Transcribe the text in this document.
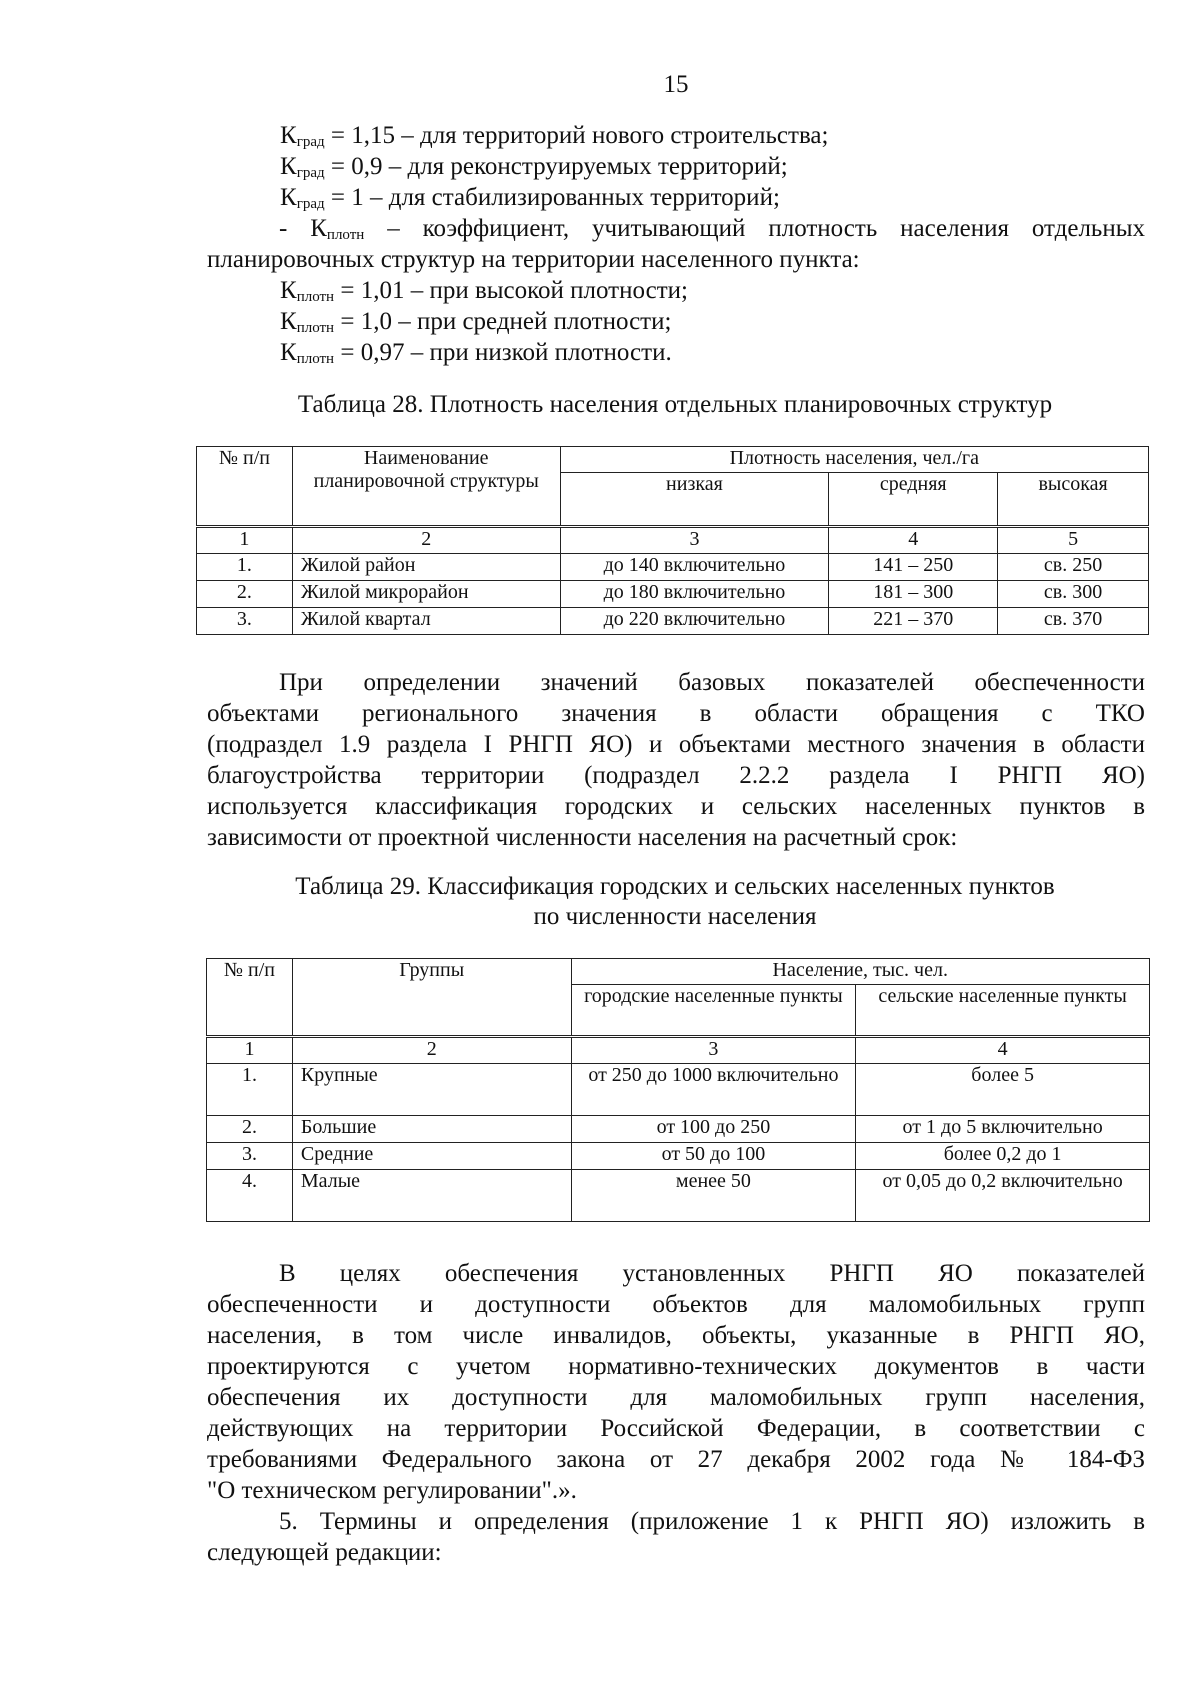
15
$К_{град} = 1,15$ – для территорий нового строительства;
$К_{град} = 0,9$ – для реконструируемых территорий;
$К_{град} = 1$ – для стабилизированных территорий;
- $К_{плотн}$ – коэффициент, учитывающий плотность населения отдельных
планировочных структур на территории населенного пункта:
$К_{плотн} = 1,01$ – при высокой плотности;
$К_{плотн} = 1,0$ – при средней плотности;
$К_{плотн} = 0,97$ – при низкой плотности.
Таблица 28. Плотность населения отдельных планировочных структур
№ п/п	Наименование планировочной структуры	Плотность населения, чел./га		
		низкая	средняя	высокая
1	2	3	4	5
1.	Жилой район	до 140 включительно	141 – 250	св. 250
2.	Жилой микрорайон	до 180 включительно	181 – 300	св. 300
3.	Жилой квартал	до 220 включительно	221 – 370	св. 370
При определении значений базовых показателей обеспеченности
объектами регионального значения в области обращения с ТКО
(подраздел 1.9 раздела I РНГП ЯО) и объектами местного значения в области
благоустройства территории (подраздел 2.2.2 раздела I РНГП ЯО)
используется классификация городских и сельских населенных пунктов в
зависимости от проектной численности населения на расчетный срок:
Таблица 29. Классификация городских и сельских населенных пунктов
по численности населения
№ п/п	Группы	Население, тыс. чел.	
		городские населенные пункты	сельские населенные пункты
1	2	3	4
1.	Крупные	от 250 до 1000 включительно	более 5
2.	Большие	от 100 до 250	от 1 до 5 включительно
3.	Средние	от 50 до 100	более 0,2 до 1
4.	Малые	менее 50	от 0,05 до 0,2 включительно
В целях обеспечения установленных РНГП ЯО показателей
обеспеченности и доступности объектов для маломобильных групп
населения, в том числе инвалидов, объекты, указанные в РНГП ЯО,
проектируются с учетом нормативно-технических документов в части
обеспечения их доступности для маломобильных групп населения,
действующих на территории Российской Федерации, в соответствии с
требованиями Федерального закона от 27 декабря 2002 года № 184-ФЗ
"О техническом регулировании".».
5. Термины и определения (приложение 1 к РНГП ЯО) изложить в
следующей редакции:
